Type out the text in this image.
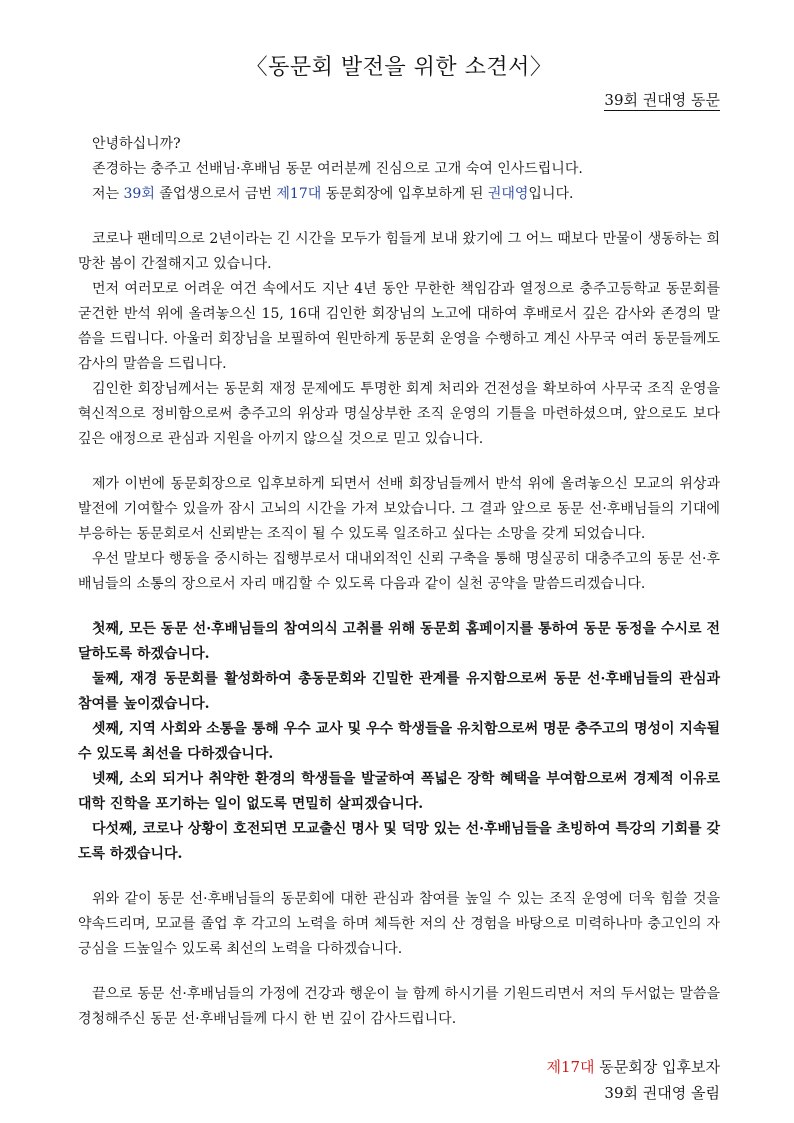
〈동문회 발전을 위한 소견서〉
39회 권대영 동문

안녕하십니까?

존경하는 충주고 선배님·후배님 동문 여러분께 진심으로 고개 숙여 인사드립니다.

저는 39회 졸업생으로서 금번 제17대 동문회장에 입후보하게 된 권대영입니다.

코로나 팬데믹으로 2년이라는 긴 시간을 모두가 힘들게 보내 왔기에 그 어느 때보다 만물이 생동하는 희망찬 봄이 간절해지고 있습니다.

먼저 여러모로 어려운 여건 속에서도 지난 4년 동안 무한한 책임감과 열정으로 충주고등학교 동문회를 굳건한 반석 위에 올려놓으신 15, 16대 김인한 회장님의 노고에 대하여 후배로서 깊은 감사와 존경의 말씀을 드립니다. 아울러 회장님을 보필하여 원만하게 동문회 운영을 수행하고 계신 사무국 여러 동문들께도 감사의 말씀을 드립니다.

김인한 회장님께서는 동문회 재정 문제에도 투명한 회계 처리와 건전성을 확보하여 사무국 조직 운영을 혁신적으로 정비함으로써 충주고의 위상과 명실상부한 조직 운영의 기틀을 마련하셨으며, 앞으로도 보다 깊은 애정으로 관심과 지원을 아끼지 않으실 것으로 믿고 있습니다.

제가 이번에 동문회장으로 입후보하게 되면서 선배 회장님들께서 반석 위에 올려놓으신 모교의 위상과 발전에 기여할수 있을까 잠시 고뇌의 시간을 가져 보았습니다. 그 결과 앞으로 동문 선·후배님들의 기대에 부응하는 동문회로서 신뢰받는 조직이 될 수 있도록 일조하고 싶다는 소망을 갖게 되었습니다.

우선 말보다 행동을 중시하는 집행부로서 대내외적인 신뢰 구축을 통해 명실공히 대충주고의 동문 선·후배님들의 소통의 장으로서 자리 매김할 수 있도록 다음과 같이 실천 공약을 말씀드리겠습니다.

첫째, 모든 동문 선·후배님들의 참여의식 고취를 위해 동문회 홈페이지를 통하여 동문 동정을 수시로 전달하도록 하겠습니다.

둘째, 재경 동문회를 활성화하여 총동문회와 긴밀한 관계를 유지함으로써 동문 선·후배님들의 관심과 참여를 높이겠습니다.

셋째, 지역 사회와 소통을 통해 우수 교사 및 우수 학생들을 유치함으로써 명문 충주고의 명성이 지속될 수 있도록 최선을 다하겠습니다.

넷째, 소외 되거나 취약한 환경의 학생들을 발굴하여 폭넓은 장학 혜택을 부여함으로써 경제적 이유로 대학 진학을 포기하는 일이 없도록 면밀히 살피겠습니다.

다섯째, 코로나 상황이 호전되면 모교출신 명사 및 덕망 있는 선·후배님들을 초빙하여 특강의 기회를 갖도록 하겠습니다.

위와 같이 동문 선·후배님들의 동문회에 대한 관심과 참여를 높일 수 있는 조직 운영에 더욱 힘쓸 것을 약속드리며, 모교를 졸업 후 각고의 노력을 하며 체득한 저의 산 경험을 바탕으로 미력하나마 충고인의 자긍심을 드높일수 있도록 최선의 노력을 다하겠습니다.

끝으로 동문 선·후배님들의 가정에 건강과 행운이 늘 함께 하시기를 기원드리면서 저의 두서없는 말씀을 경청해주신 동문 선·후배님들께 다시 한 번 깊이 감사드립니다.

제17대 동문회장 입후보자
39회 권대영 올림
